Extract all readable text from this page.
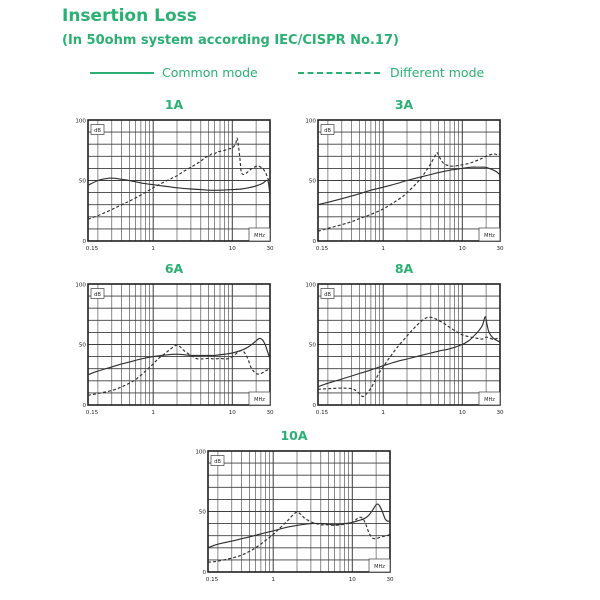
Insertion Loss
(In 50ohm system according IEC/CISPR No.17)
Common mode	Different mode
1A
100
50
0
0.15	1	10	30
dB
MHz
3A
100
50
0
0.15	1	10	30
dB
MHz
6A
100
50
0
0.15	1	10	30
dB
MHz
8A
100
50
0
0.15	1	10	30
dB
MHz
10A
100
50
0
0.15	1	10	30
dB
MHz
